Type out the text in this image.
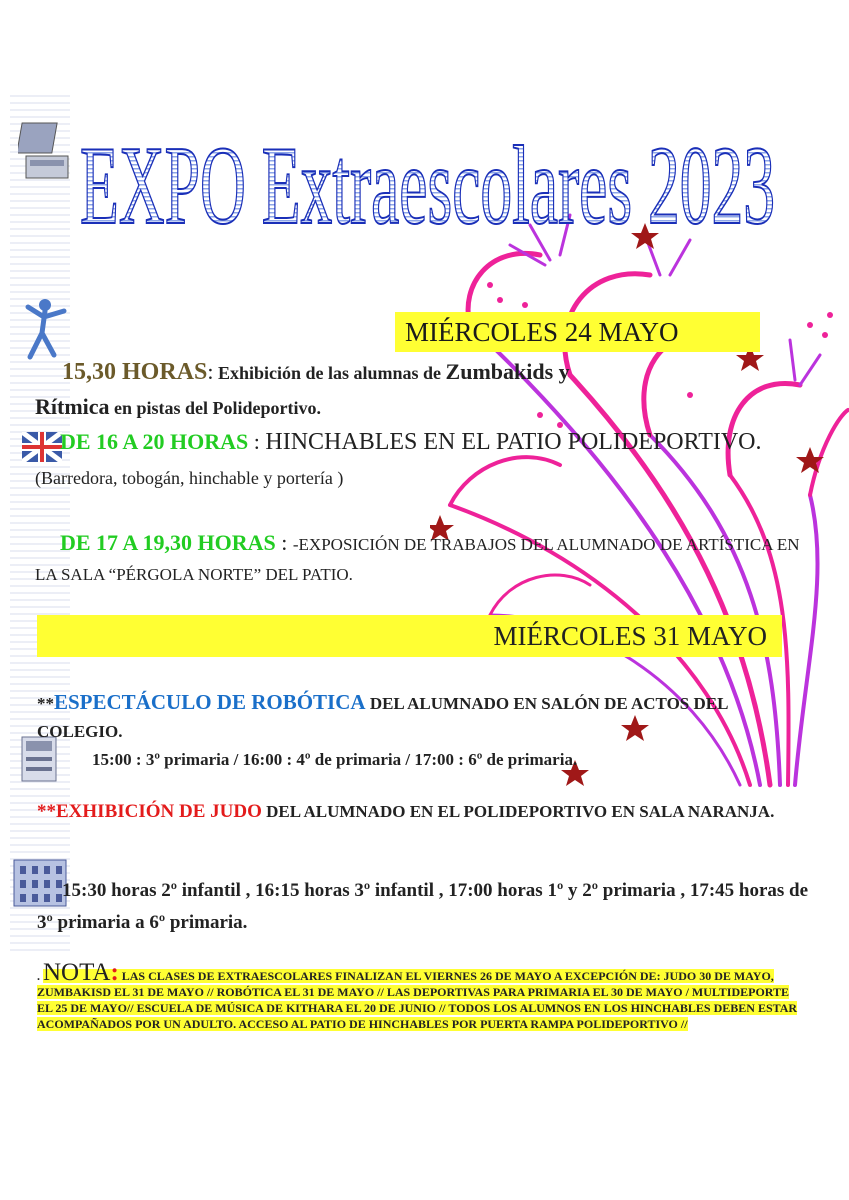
EXPO Extraescolares 2023
MIÉRCOLES 24 MAYO
15,30 HORAS: Exhibición de las alumnas de Zumbakids y
Rítmica en pistas del Polideportivo.
DE 16 A 20 HORAS : HINCHABLES EN EL PATIO POLIDEPORTIVO. (Barredora, tobogán, hinchable y portería )
DE 17 A 19,30 HORAS : -EXPOSICIÓN DE TRABAJOS DEL ALUMNADO DE ARTÍSTICA EN LA SALA “PÉRGOLA NORTE” DEL PATIO.
MIÉRCOLES 31 MAYO
**ESPECTÁCULO DE ROBÓTICA DEL ALUMNADO EN SALÓN DE ACTOS DEL COLEGIO.
15:00 : 3º primaria / 16:00 : 4º de primaria / 17:00 : 6º de primaria.
**EXHIBICIÓN DE JUDO DEL ALUMNADO EN EL POLIDEPORTIVO EN SALA NARANJA.
15:30 horas 2º infantil , 16:15 horas 3º infantil , 17:00 horas 1º y 2º primaria , 17:45 horas de 3º primaria a 6º primaria.
. NOTA: LAS CLASES DE EXTRAESCOLARES FINALIZAN EL VIERNES 26 DE MAYO A EXCEPCIÓN DE: JUDO 30 DE MAYO, ZUMBAKISD EL 31 DE MAYO // ROBÓTICA EL 31 DE MAYO // LAS DEPORTIVAS PARA PRIMARIA EL 30 DE MAYO / MULTIDEPORTE EL 25 DE MAYO// ESCUELA DE MÚSICA DE KITHARA EL 20 DE JUNIO // TODOS LOS ALUMNOS EN LOS HINCHABLES DEBEN ESTAR ACOMPAÑADOS POR UN ADULTO. ACCESO AL PATIO DE HINCHABLES POR PUERTA RAMPA POLIDEPORTIVO //
